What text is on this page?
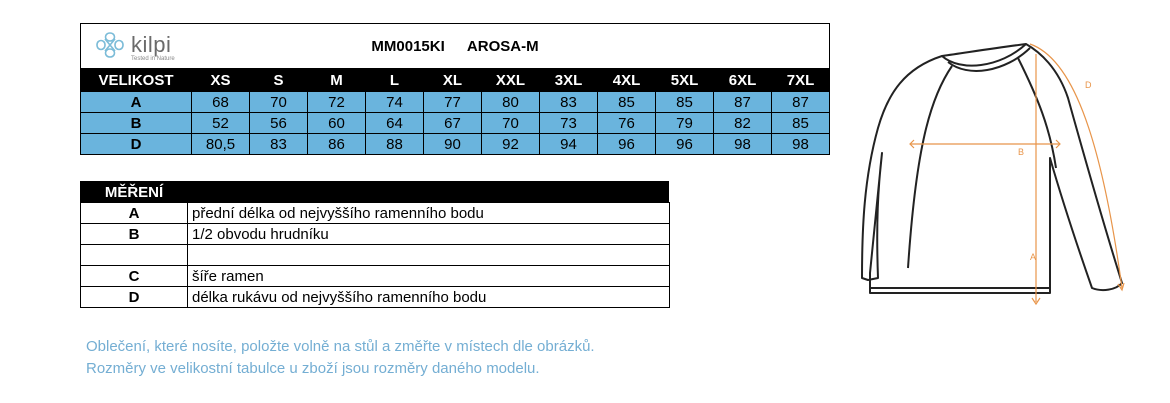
kilpi
Tested in Nature
MM0015KI AROSA-M											
VELIKOST	XS	S	M	L	XL	XXL	3XL	4XL	5XL	6XL	7XL
A	68	70	72	74	77	80	83	85	85	87	87
B	52	56	60	64	67	70	73	76	79	82	85
D	80,5	83	86	88	90	92	94	96	96	98	98
MĚŘENÍ	
A	přední délka od nejvyššího ramenního bodu
B	1/2 obvodu hrudníku

C	šíře ramen
D	délka rukávu od nejvyššího ramenního bodu
Oblečení, které nosíte, položte volně na stůl a změřte v místech dle obrázků.
Rozměry ve velikostní tabulce u zboží jsou rozměry daného modelu.
A
B
D
